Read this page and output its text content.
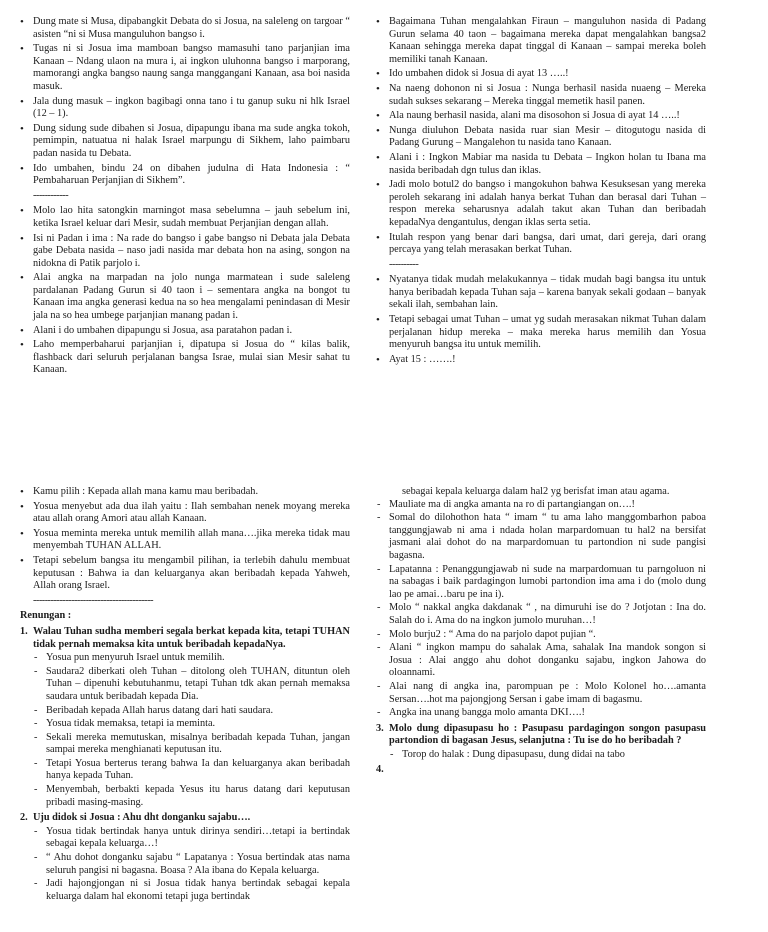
• Dung mate si Musa, dipabangkit Debata do si Josua, na saleleng on targoar “ asisten “ni si Musa manguluhon bangso i.
• Tugas ni si Josua ima mamboan bangso mamasuhi tano parjanjian ima Kanaan – Ndang ulaon na mura i, ai ingkon uluhonna bangso i marporang, mamorangi angka bangso naung sanga manggangani Kanaan, asa boi nasida masuk.
• Jala dung masuk – ingkon bagibagi onna tano i tu ganup suku ni hlk Israel (12 – 1).
• Dung sidung sude dibahen si Josua, dipapungu ibana ma sude angka tokoh, pemimpin, natuatua ni halak Israel marpungu di Sikhem, laho paimbaru padan nasida tu Debata.
• Ido umbahen, bindu 24 on dibahen judulna di Hata Indonesia : “ Pembaharuan Perjanjian di Sikhem”.
------------
• Molo lao hita satongkin marningot masa sebelumna – jauh sebelum ini, ketika Israel keluar dari Mesir, sudah membuat Perjanjian dengan allah.
• Isi ni Padan i ima : Na rade do bangso i gabe bangso ni Debata jala Debata gabe Debata nasida – naso jadi nasida mar debata hon na asing, songon na nidokna di Patik parjolo i.
• Alai angka na marpadan na jolo nunga marmatean i sude saleleng pardalanan Padang Gurun si 40 taon i – sementara angka na bongot tu Kanaan ima angka generasi keduа na so hea mengalami penindasan di Mesir jala na so hea umbege parjanjian manang padan i.
• Alani i do umbahen dipapungu si Josua, asa paratahon padan i.
• Laho memperbaharui parjanjian i, dipatupa si Josua do “ kilas balik, flashback dari seluruh perjalanan bangsa Israe, mulai sian Mesir sahat tu Kanaan.
• Bagaimana Tuhan mengalahkan Firaun – manguluhon nasida di Padang Gurun selama 40 taon – bagaimana mereka dapat mengalahkan bangsa2 Kanaan sehingga mereka dapat tinggal di Kanaan – sampai mereka boleh memiliki tanah Kanaan.
• Ido umbahen didok si Josua di ayat 13 …..!
• Na naeng dohonon ni si Josua : Nunga berhasil nasida nuaeng – Mereka sudah sukses sekarang – Mereka tinggal memetik hasil panen.
• Ala naung berhasil nasida, alani ma disosohon si Josua di ayat 14 …..!
• Nunga diuluhon Debata nasida ruar sian Mesir – ditogutogu nasida di Padang Gurung – Mangalehon tu nasida tano Kanaan.
• Alani i : Ingkon Mabiar ma nasida tu Debata – Ingkon holan tu Ibana ma nasida beribadah dgn tulus dan iklas.
• Jadi molo botul2 do bangso i mangokuhon bahwa Kesuksesan yang mereka peroleh sekarang ini adalah hanya berkat Tuhan dan berasal dari Tuhan – respon mereka seharusnya adalah takut akan Tuhan dan beribadah kepadaNya dengantulus, dengan iklas serta setia.
• Itulah respon yang benar dari bangsa, dari umat, dari gereja, dari orang percaya yang telah merasakan berkat Tuhan.
----------
• Nyatanya tidak mudah melakukannya – tidak mudah bagi bangsa itu untuk hanya beribadah kepada Tuhan saja – karena banyak sekali godaan – banyak sekali ilah, sembahan lain.
• Tetapi sebagai umat Tuhan – umat yg sudah merasakan nikmat Tuhan dalam perjalanan hidup mereka – maka mereka harus memilih dan Yosua menyuruh bangsa itu untuk memilih.
• Ayat 15 : …….!
• Kamu pilih : Kepada allah mana kamu mau beribadah.
• Yosua menyebut ada dua ilah yaitu : Ilah sembahan nenek moyang mereka atau allah orang Amori atau allah Kanaan.
• Yosua meminta mereka untuk memilih allah mana….jika mereka tidak mau menyembah TUHAN ALLAH.
• Tetapi sebelum bangsa itu mengambil pilihan, ia terlebih dahulu membuat keputusan : Bahwa ia dan keluarganya akan beribadah kepada Yahweh, Allah orang Israel.
-----------------------------------------
Renungan :
1. Walau Tuhan sudha memberi segala berkat kepada kita, tetapi TUHAN tidak pernah memaksa kita untuk beribadah kepadaNya.
- Yosua pun menyuruh Israel untuk memilih.
- Saudara2 diberkati oleh Tuhan – ditolong oleh TUHAN, dituntun oleh Tuhan – dipenuhi kebutuhanmu, tetapi Tuhan tdk akan pernah memaksa saudara untuk beribadah kepada Dia.
- Beribadah kepada Allah harus datang dari hati saudara.
- Yosua tidak memaksa, tetapi ia meminta.
- Sekali mereka memutuskan, misalnya beribadah kepada Tuhan, jangan sampai mereka menghianati keputusan itu.
- Tetapi Yosua berterus terang bahwa Ia dan keluarganya akan beribadah hanya kepada Tuhan.
- Menyembah, berbakti kepada Yesus itu harus datang dari keputusan pribadi masing-masing.
2. Uju didok si Josua : Ahu dht donganku sajabu….
- Yosua tidak bertindak hanya untuk dirinya sendiri…tetapi ia bertindak sebagai kepala keluarga…!
- “ Ahu dohot donganku sajabu “ Lapatanya : Yosua bertindak atas nama seluruh pangisi ni bagasna. Boasa ? Ala ibana do Kepala keluarga.
- Jadi hajongjongan ni si Josua tidak hanya bertindak sebagai kepala keluarga dalam hal ekonomi tetapi juga bertindak
sebagai kepala keluarga dalam hal2 yg berisfat iman atau agama.
- Mauliate ma di angka amanta na ro di partangiangan on….!
- Somal do dilohothon hata “ imam “ tu ama laho manggombarhon paboa tanggungjawab ni ama i ndada holan marpardomuan tu hal2 na bersifat jasmani alai dohot do na marpardomuan tu partondion ni sude pangisi bagasna.
- Lapatanna : Penanggungjawab ni sude na marpardomuan tu parngoluon ni na sabagas i baik pardagingon lumobi partondion ima ama i do (molo dung lao pe amai…baru pe ina i).
- Molo “ nakkal angka dakdanak “ , na dimuruhi ise do ? Jotjotan : Ina do. Salah do i. Ama do na ingkon jumolo muruhan…!
- Molo burju2 : “ Ama do na parjolo dapot pujian “.
- Alani “ ingkon mampu do sahalak Ama, sahalak Ina mandok songon si Josua : Alai anggo ahu dohot donganku sajabu, ingkon Jahowa do oloannami.
- Alai nang di angka ina, parompuan pe : Molo Kolonel ho….amanta Sersan….hot ma pajongjong Sersan i gabe imam di bagasmu.
- Angka ina unang bangga molo amanta DKI….!
3. Molo dung dipasupasu ho : Pasupasu pardagingon songon pasupasu partondion di bagasan Jesus, selanjutna : Tu ise do ho beribadah ?
- Torop do halak : Dung dipasupasu, dung didai na tabo
4.
